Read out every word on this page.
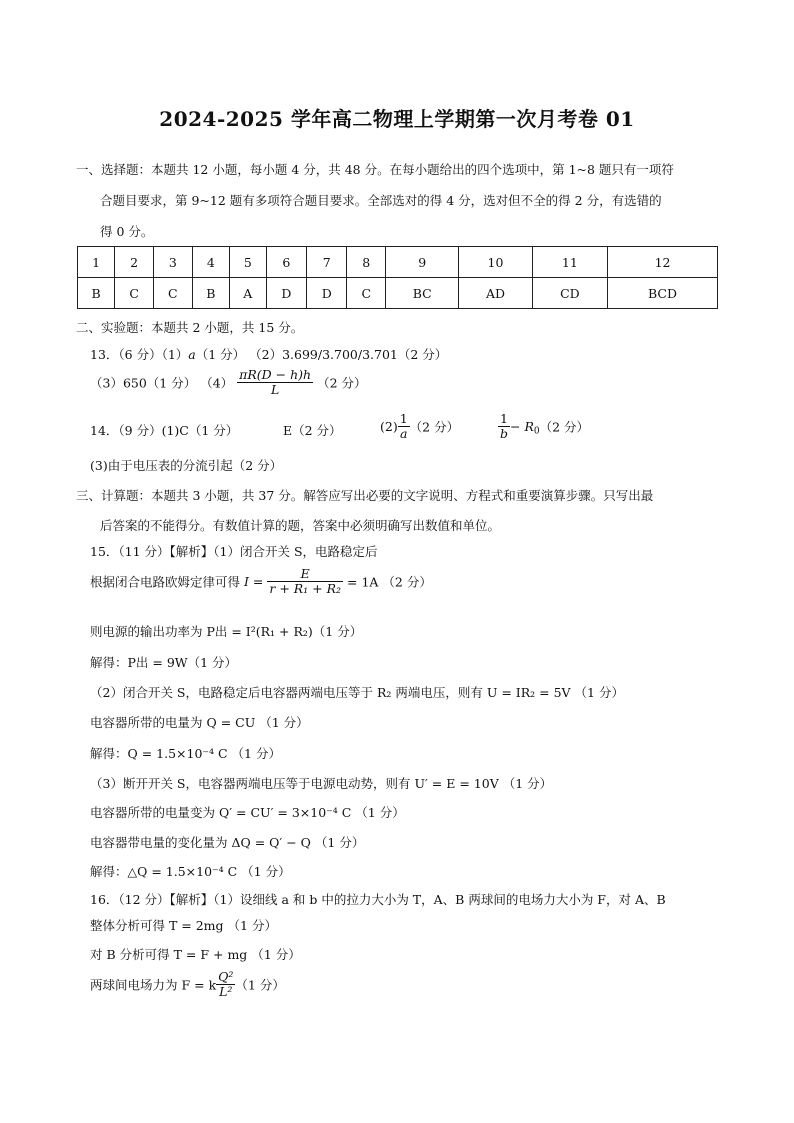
2024-2025 学年高二物理上学期第一次月考卷 01
一、选择题：本题共 12 小题，每小题 4 分，共 48 分。在每小题给出的四个选项中，第 1~8 题只有一项符
合题目要求，第 9~12 题有多项符合题目要求。全部选对的得 4 分，选对但不全的得 2 分，有选错的
得 0 分。
1	2	3	4	5	6	7	8	9	10	11	12
B	C	C	B	A	D	D	C	BC	AD	CD	BCD
二、实验题：本题共 2 小题，共 15 分。
13．（6 分）（1）a（1 分） （2）3.699/3.700/3.701（2 分）
（3）650（1 分） $(4) \frac{\pi R(D - h)h}{L} (2$ 分）
14．（9 分）(1)C（1 分）	E（2 分）	$(2) \frac{1}{a} (2$ 分）	$\frac{1}{b} - R_0(2$ 分）
(3)由于电压表的分流引起（2 分）
三、计算题：本题共 3 小题，共 37 分。解答应写出必要的文字说明、方程式和重要演算步骤。只写出最
后答案的不能得分。有数值计算的题，答案中必须明确写出数值和单位。
15．（11 分）【解析】（1）闭合开关 S，电路稳定后
根据闭合电路欧姆定律可得 $I = \frac{E}{\text{r + R₁ + R₂}} = 1A$ （2 分）
则电源的输出功率为 P出 = I²(R₁ + R₂)（1 分）
解得：P出 = 9W（1 分）
（2）闭合开关 S，电路稳定后电容器两端电压等于 R₂ 两端电压，则有 U = IR₂ = 5V （1 分）
电容器所带的电量为 Q = CU （1 分）
解得：Q = 1.5×10⁻⁴ C （1 分）
（3）断开开关 S，电容器两端电压等于电源电动势，则有 U′ = E = 10V （1 分）
电容器所带的电量变为 Q′ = CU′ = 3×10⁻⁴ C （1 分）
电容器带电量的变化量为 ΔQ = Q′ − Q （1 分）
解得：△Q = 1.5×10⁻⁴ C （1 分）
16．（12 分）【解析】（1）设细线 a 和 b 中的拉力大小为 T，A、B 两球间的电场力大小为 F，对 A、B
整体分析可得 T = 2mg （1 分）
对 B 分析可得 T = F + mg （1 分）
两球间电场力为 F = k $\frac{\text{Q²}}{\text{L²}} (1$ 分）
